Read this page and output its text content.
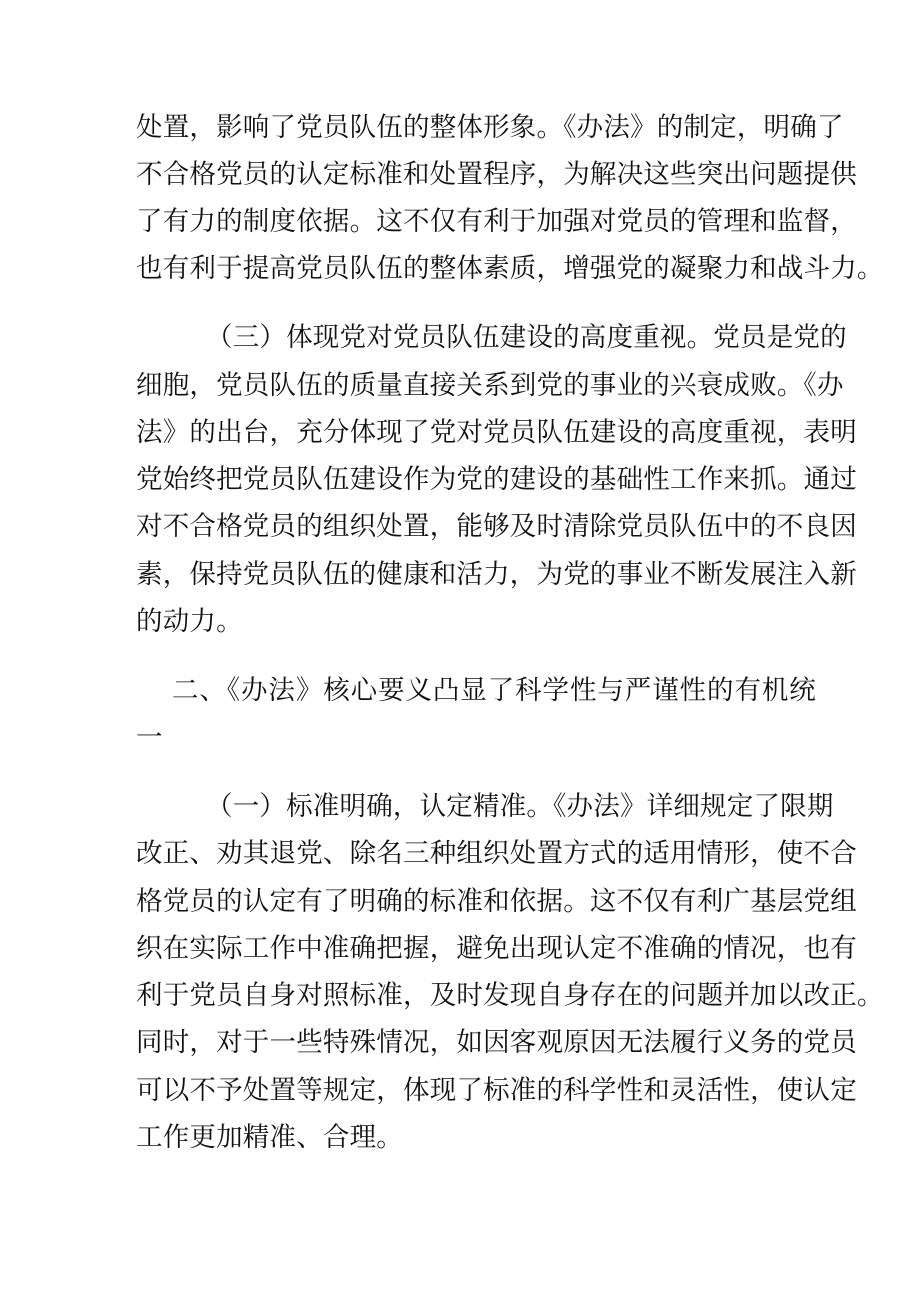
处置，影响了党员队伍的整体形象。《办法》的制定，明确了
不合格党员的认定标准和处置程序，为解决这些突出问题提供
了有力的制度依据。这不仅有利于加强对党员的管理和监督，
也有利于提高党员队伍的整体素质，增强党的凝聚力和战斗力。
（三）体现党对党员队伍建设的高度重视。党员是党的
细胞，党员队伍的质量直接关系到党的事业的兴衰成败。《办
法》的出台，充分体现了党对党员队伍建设的高度重视，表明
党始终把党员队伍建设作为党的建设的基础性工作来抓。通过
对不合格党员的组织处置，能够及时清除党员队伍中的不良因
素，保持党员队伍的健康和活力，为党的事业不断发展注入新
的动力。
二、《办法》核心要义凸显了科学性与严谨性的有机统
一
（一）标准明确，认定精准。《办法》详细规定了限期
改正、劝其退党、除名三种组织处置方式的适用情形，使不合
格党员的认定有了明确的标准和依据。这不仅有利广基层党组
织在实际工作中准确把握，避免出现认定不准确的情况，也有
利于党员自身对照标准，及时发现自身存在的问题并加以改正。
同时，对于一些特殊情况，如因客观原因无法履行义务的党员
可以不予处置等规定，体现了标准的科学性和灵活性，使认定
工作更加精准、合理。
